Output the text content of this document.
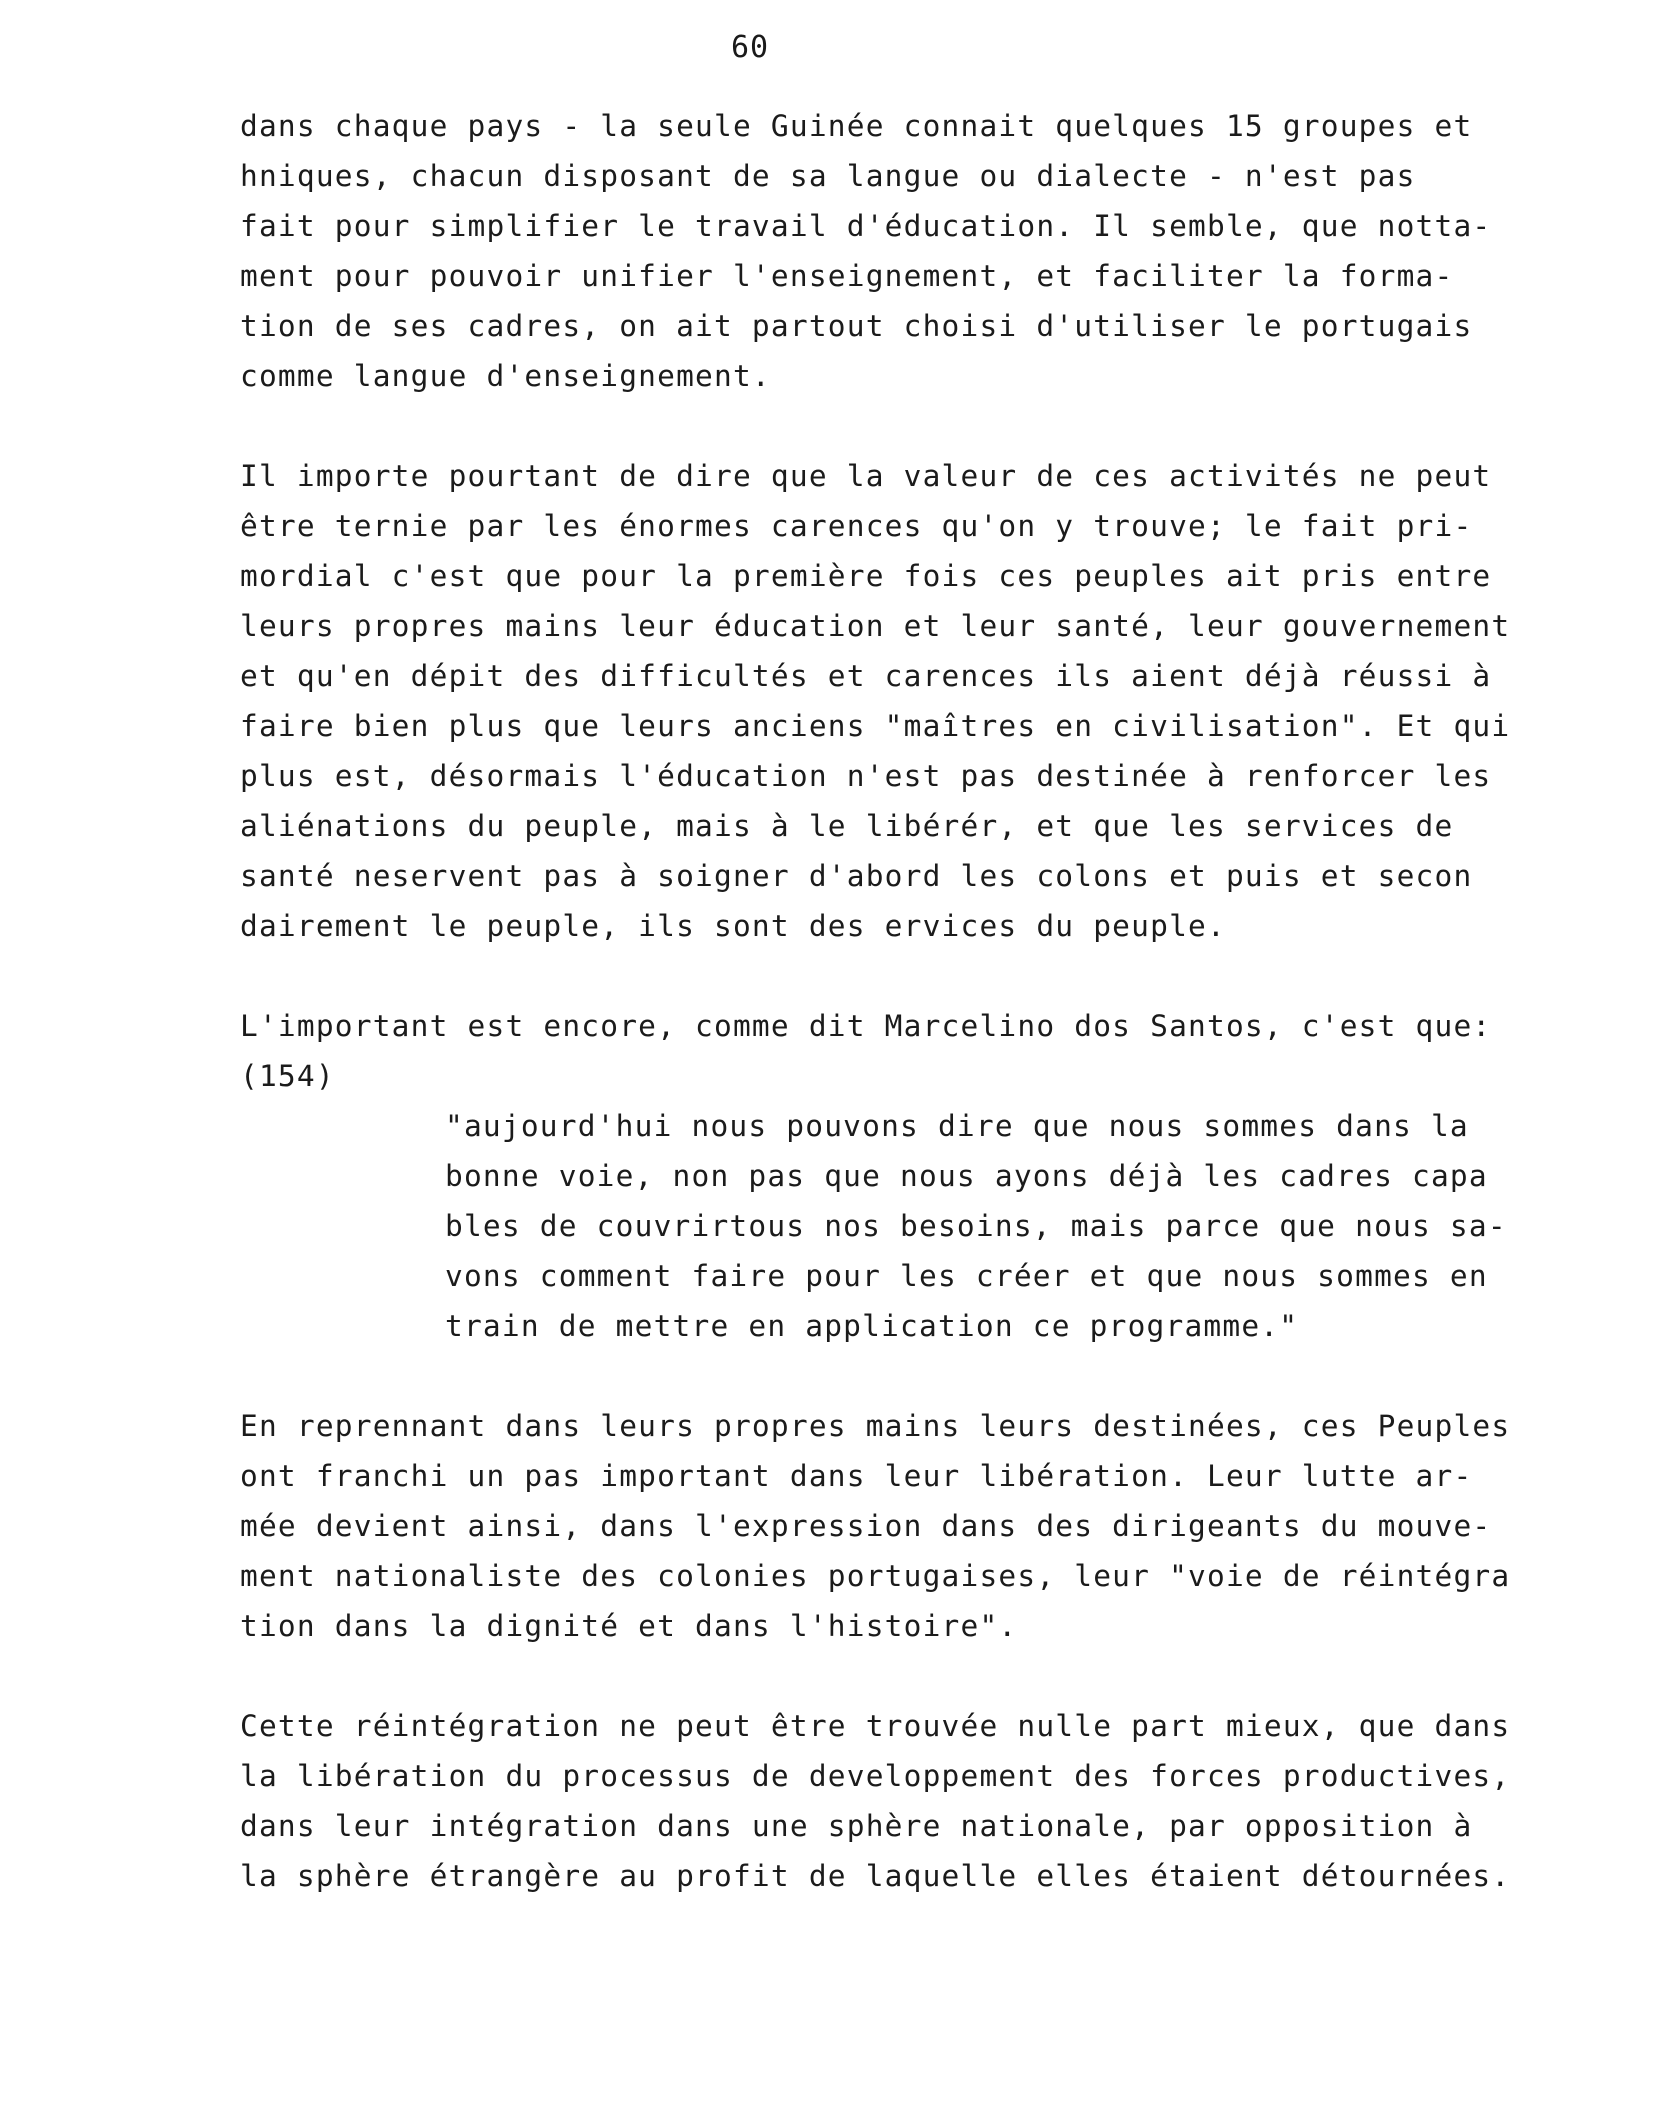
60
dans chaque pays - la seule Guinée connait quelques 15 groupes et
hniques, chacun disposant de sa langue ou dialecte - n'est pas
fait pour simplifier le travail d'éducation. Il semble, que notta-
ment pour pouvoir unifier l'enseignement, et faciliter la forma-
tion de ses cadres, on ait partout choisi d'utiliser le portugais
comme langue d'enseignement.
Il importe pourtant de dire que la valeur de ces activités ne peut
être ternie par les énormes carences qu'on y trouve; le fait pri-
mordial c'est que pour la première fois ces peuples ait pris entre
leurs propres mains leur éducation et leur santé, leur gouvernement
et qu'en dépit des difficultés et carences ils aient déjà réussi à
faire bien plus que leurs anciens "maîtres en civilisation". Et qui
plus est, désormais l'éducation n'est pas destinée à renforcer les
aliénations du peuple, mais à le libérér, et que les services de
santé neservent pas à soigner d'abord les colons et puis et secon
dairement le peuple, ils sont des ervices du peuple.
L'important est encore, comme dit Marcelino dos Santos, c'est que:
(154)
"aujourd'hui nous pouvons dire que nous sommes dans la
bonne voie, non pas que nous ayons déjà les cadres capa
bles de couvrirtous nos besoins, mais parce que nous sa-
vons comment faire pour les créer et que nous sommes en
train de mettre en application ce programme."
En reprennant dans leurs propres mains leurs destinées, ces Peuples
ont franchi un pas important dans leur libération. Leur lutte ar-
mée devient ainsi, dans l'expression dans des dirigeants du mouve-
ment nationaliste des colonies portugaises, leur "voie de réintégra
tion dans la dignité et dans l'histoire".
Cette réintégration ne peut être trouvée nulle part mieux, que dans
la libération du processus de developpement des forces productives,
dans leur intégration dans une sphère nationale, par opposition à
la sphère étrangère au profit de laquelle elles étaient détournées.
